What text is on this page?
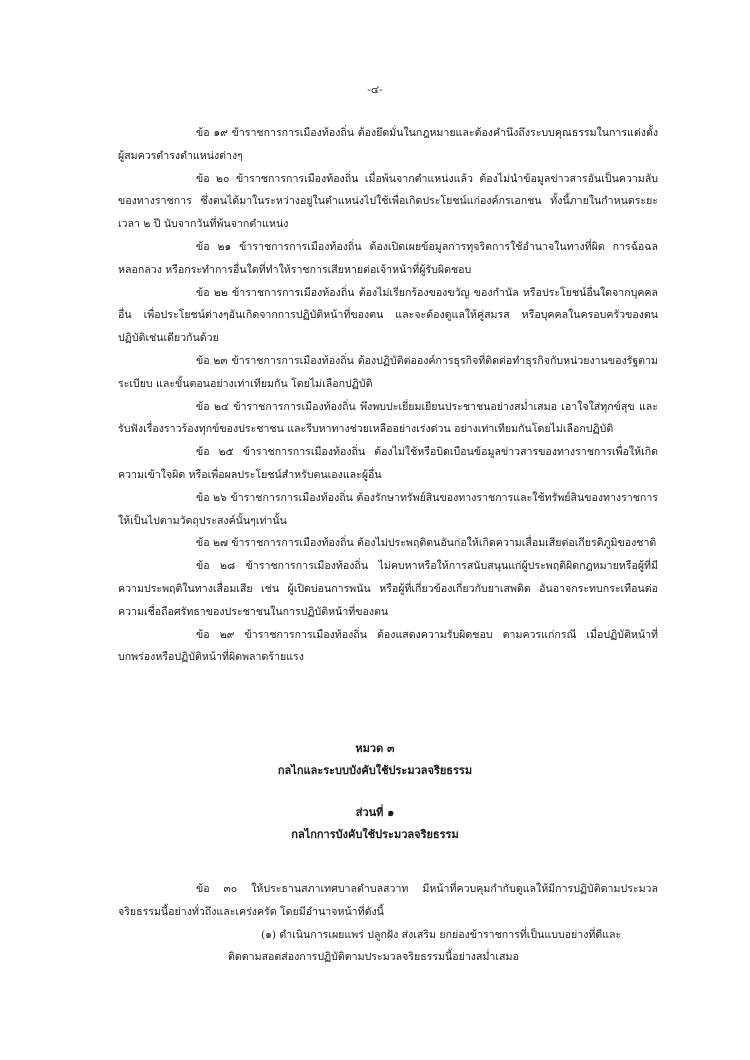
-๔-

ข้อ ๑๙ ข้าราชการการเมืองท้องถิ่น ต้องยึดมั่นในกฎหมายและต้องคำนึงถึงระบบคุณธรรมในการแต่งตั้งผู้สมควรดำรงตำแหน่งต่างๆ

ข้อ ๒๐ ข้าราชการการเมืองท้องถิ่น เมื่อพ้นจากตำแหน่งแล้ว ต้องไม่นำข้อมูลข่าวสารอันเป็นความลับของทางราชการ ซึ่งตนได้มาในระหว่างอยู่ในตำแหน่งไปใช้เพื่อเกิดประโยชน์แก่องค์กรเอกชน ทั้งนี้ภายในกำหนดระยะเวลา ๒ ปี นับจากวันที่พ้นจากตำแหน่ง

ข้อ ๒๑ ข้าราชการการเมืองท้องถิ่น ต้องเปิดเผยข้อมูลการทุจริตการใช้อำนาจในทางที่ผิด การฉ้อฉล หลอกลวง หรือกระทำการอื่นใดที่ทำให้ราชการเสียหายต่อเจ้าหน้าที่ผู้รับผิดชอบ

ข้อ ๒๒ ข้าราชการการเมืองท้องถิ่น ต้องไม่เรียกร้องของขวัญ ของกำนัล หรือประโยชน์อื่นใดจากบุคคลอื่น เพื่อประโยชน์ต่างๆอันเกิดจากการปฏิบัติหน้าที่ของตน และจะต้องดูแลให้คู่สมรส หรือบุคคลในครอบครัวของตนปฏิบัติเช่นเดียวกันด้วย

ข้อ ๒๓ ข้าราชการการเมืองท้องถิ่น ต้องปฏิบัติต่อองค์การธุรกิจที่ติดต่อทำธุรกิจกับหน่วยงานของรัฐตามระเบียบ และขั้นตอนอย่างเท่าเทียมกัน โดยไม่เลือกปฏิบัติ

ข้อ ๒๔ ข้าราชการการเมืองท้องถิ่น พึงพบปะเยี่ยมเยียนประชาชนอย่างสม่ำเสมอ เอาใจใส่ทุกข์สุข และรับฟังเรื่องราวร้องทุกข์ของประชาชน และรีบหาทางช่วยเหลืออย่างเร่งด่วน อย่างเท่าเทียมกันโดยไม่เลือกปฏิบัติ

ข้อ ๒๕ ข้าราชการการเมืองท้องถิ่น ต้องไม่ใช้หรือบิดเบือนข้อมูลข่าวสารของทางราชการเพื่อให้เกิดความเข้าใจผิด หรือเพื่อผลประโยชน์สำหรับตนเองและผู้อื่น

ข้อ ๒๖ ข้าราชการการเมืองท้องถิ่น ต้องรักษาทรัพย์สินของทางราชการและใช้ทรัพย์สินของทางราชการให้เป็นไปตามวัตถุประสงค์นั้นๆเท่านั้น

ข้อ ๒๗ ข้าราชการการเมืองท้องถิ่น ต้องไม่ประพฤติตนอันก่อให้เกิดความเสื่อมเสียต่อเกียรติภูมิของชาติ

ข้อ ๒๘ ข้าราชการการเมืองท้องถิ่น ไม่คบหาหรือให้การสนับสนุนแก่ผู้ประพฤติผิดกฎหมายหรือผู้ที่มีความประพฤติในทางเสื่อมเสีย เช่น ผู้เปิดบ่อนการพนัน หรือผู้ที่เกี่ยวข้องเกี่ยวกับยาเสพติด อันอาจกระทบกระเทือนต่อความเชื่อถือศรัทธาของประชาชนในการปฏิบัติหน้าที่ของตน

ข้อ ๒๙ ข้าราชการการเมืองท้องถิ่น ต้องแสดงความรับผิดชอบ ตามควรแก่กรณี เมื่อปฏิบัติหน้าที่บกพร่องหรือปฏิบัติหน้าที่ผิดพลาดร้ายแรง

หมวด ๓

กลไกและระบบบังคับใช้ประมวลจริยธรรม

ส่วนที่ ๑

กลไกการบังคับใช้ประมวลจริยธรรม

ข้อ ๓๐ ให้ประธานสภาเทศบาลตำบลสวาท มีหน้าที่ควบคุมกำกับดูแลให้มีการปฏิบัติตามประมวลจริยธรรมนี้อย่างทั่วถึงและเคร่งครัด โดยมีอำนาจหน้าที่ดังนี้

(๑) ดำเนินการเผยแพร่ ปลูกฝัง ส่งเสริม ยกย่องข้าราชการที่เป็นแบบอย่างที่ดีและ
ติดตามสอดส่องการปฏิบัติตามประมวลจริยธรรมนี้อย่างสม่ำเสมอ
